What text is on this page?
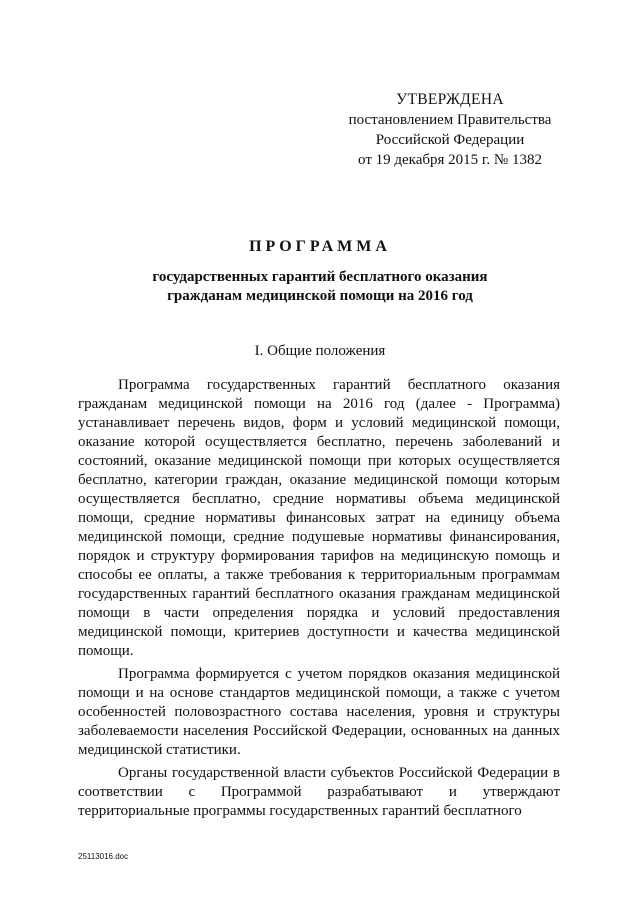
УТВЕРЖДЕНА
постановлением Правительства
Российской Федерации
от 19 декабря 2015 г. № 1382
ПРОГРАММА
государственных гарантий бесплатного оказания
гражданам медицинской помощи на 2016 год
I. Общие положения

Программа государственных гарантий бесплатного оказания гражданам медицинской помощи на 2016 год (далее - Программа) устанавливает перечень видов, форм и условий медицинской помощи, оказание которой осуществляется бесплатно, перечень заболеваний и состояний, оказание медицинской помощи при которых осуществляется бесплатно, категории граждан, оказание медицинской помощи которым осуществляется бесплатно, средние нормативы объема медицинской помощи, средние нормативы финансовых затрат на единицу объема медицинской помощи, средние подушевые нормативы финансирования, порядок и структуру формирования тарифов на медицинскую помощь и способы ее оплаты, а также требования к территориальным программам государственных гарантий бесплатного оказания гражданам медицинской помощи в части определения порядка и условий предоставления медицинской помощи, критериев доступности и качества медицинской помощи.

Программа формируется с учетом порядков оказания медицинской помощи и на основе стандартов медицинской помощи, а также с учетом особенностей половозрастного состава населения, уровня и структуры заболеваемости населения Российской Федерации, основанных на данных медицинской статистики.

Органы государственной власти субъектов Российской Федерации в соответствии с Программой разрабатывают и утверждают территориальные программы государственных гарантий бесплатного

25113016.doc
